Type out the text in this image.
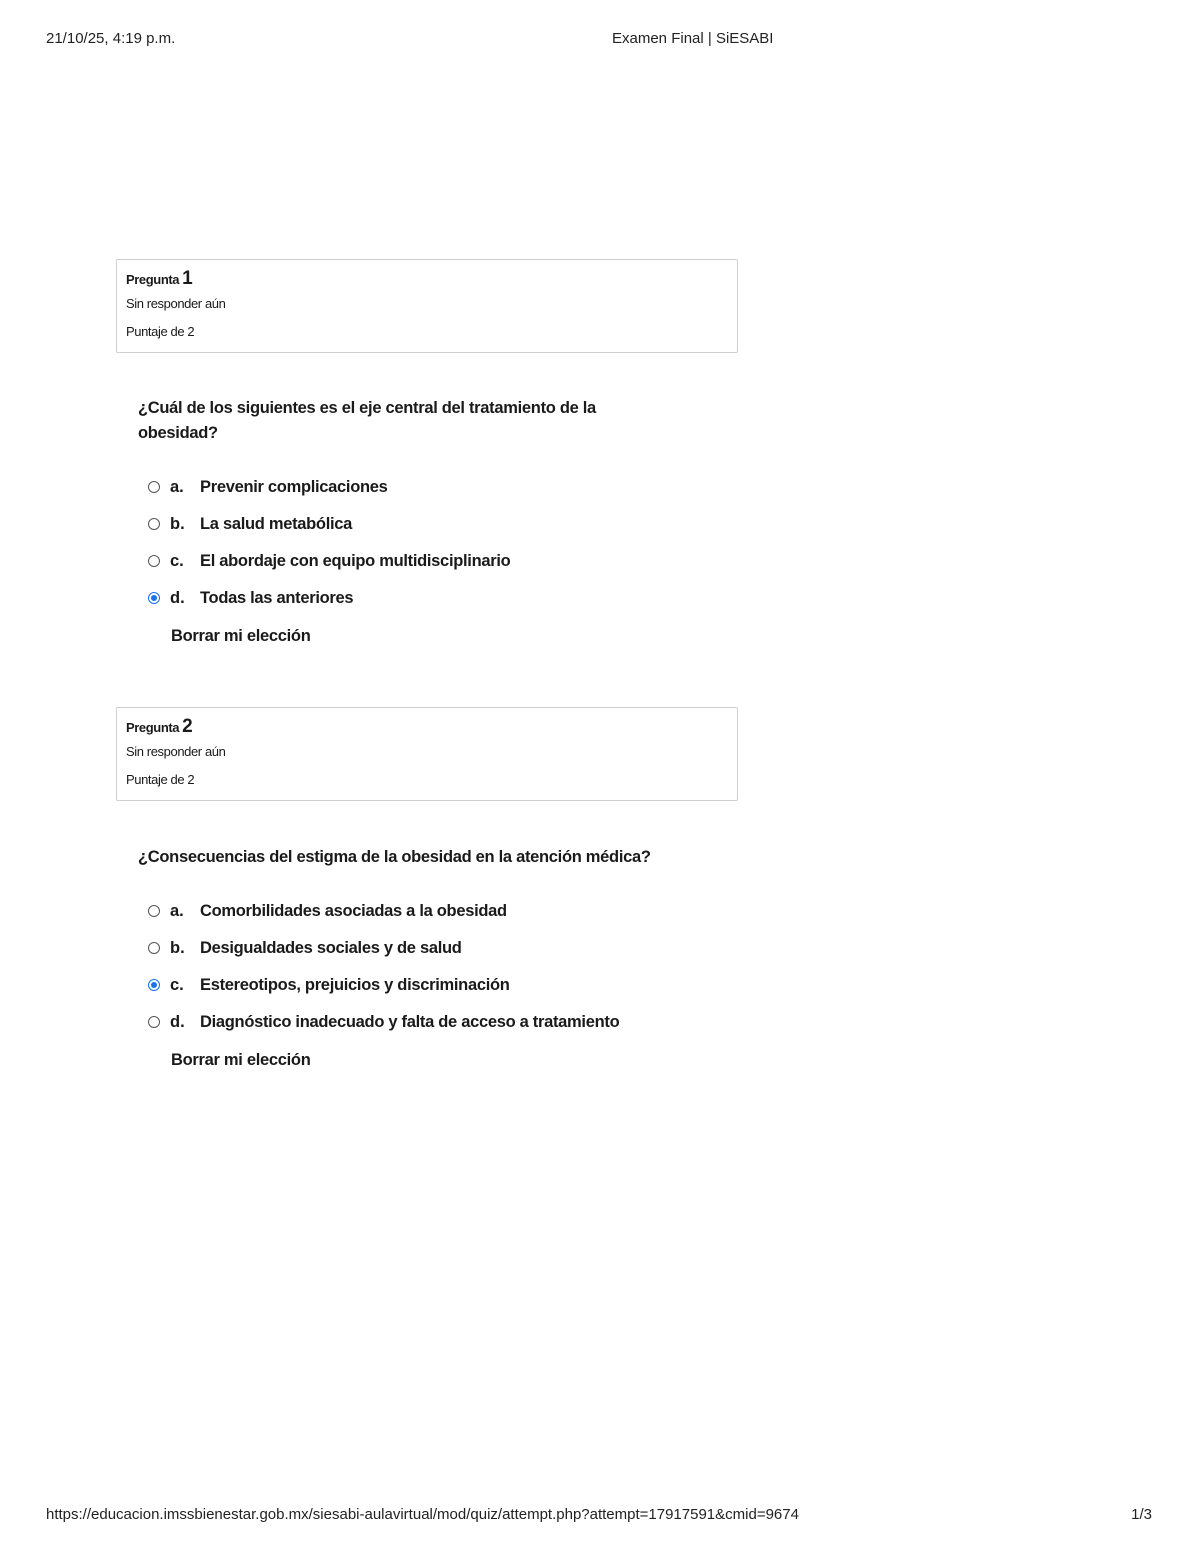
21/10/25, 4:19 p.m.	Examen Final | SiESABI
Pregunta 1
Sin responder aún
Puntaje de 2
¿Cuál de los siguientes es el eje central del tratamiento de la obesidad?
a. Prevenir complicaciones
b. La salud metabólica
c. El abordaje con equipo multidisciplinario
d. Todas las anteriores
Borrar mi elección
Pregunta 2
Sin responder aún
Puntaje de 2
¿Consecuencias del estigma de la obesidad en la atención médica?
a. Comorbilidades asociadas a la obesidad
b. Desigualdades sociales y de salud
c. Estereotipos, prejuicios y discriminación
d. Diagnóstico inadecuado y falta de acceso a tratamiento
Borrar mi elección
https://educacion.imssbienestar.gob.mx/siesabi-aulavirtual/mod/quiz/attempt.php?attempt=17917591&cmid=9674	1/3
